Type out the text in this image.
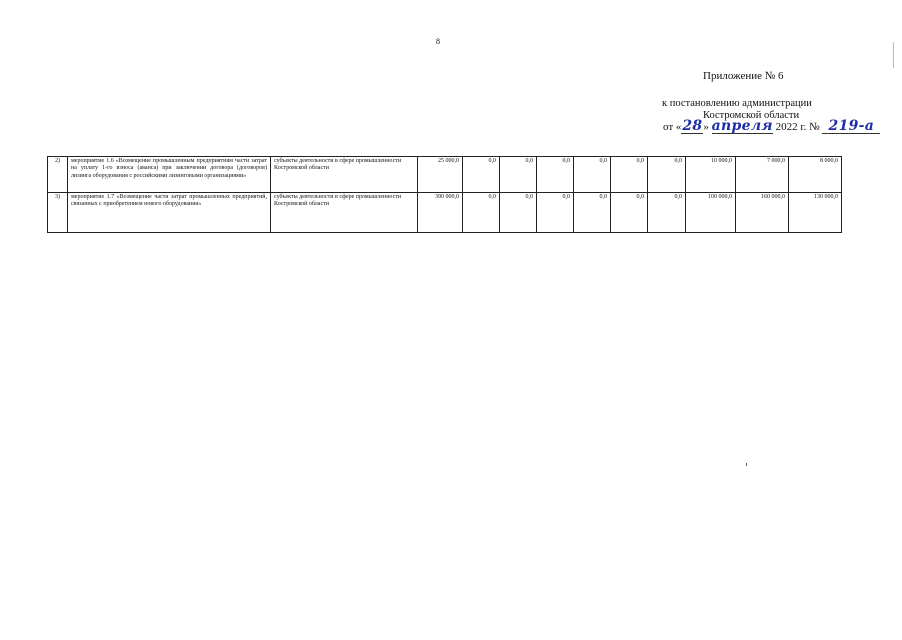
8
Приложение № 6
к постановлению администрации
Костромской области
от «28» апреля 2022 г. № 219-а
2)	мероприятие 1.6 «Возмещение промышленным предприятиям части затрат на уплату 1-го взноса (аванса) при заключении договора (договоров) лизинга оборудования с российскими лизинговыми организациями»	субъекты деятельности в сфере промышленности Костромской области	25 000,0	0,0	0,0	0,0	0,0	0,0	0,0	10 000,0	7 000,0	8 000,0
3)	мероприятие 1.7 «Возмещение части затрат промышленных предприятий, связанных с приобретением нового оборудования»	субъекты деятельности в сфере промышленности Костромской области	390 000,0	0,0	0,0	0,0	0,0	0,0	0,0	100 000,0	160 000,0	130 000,0
